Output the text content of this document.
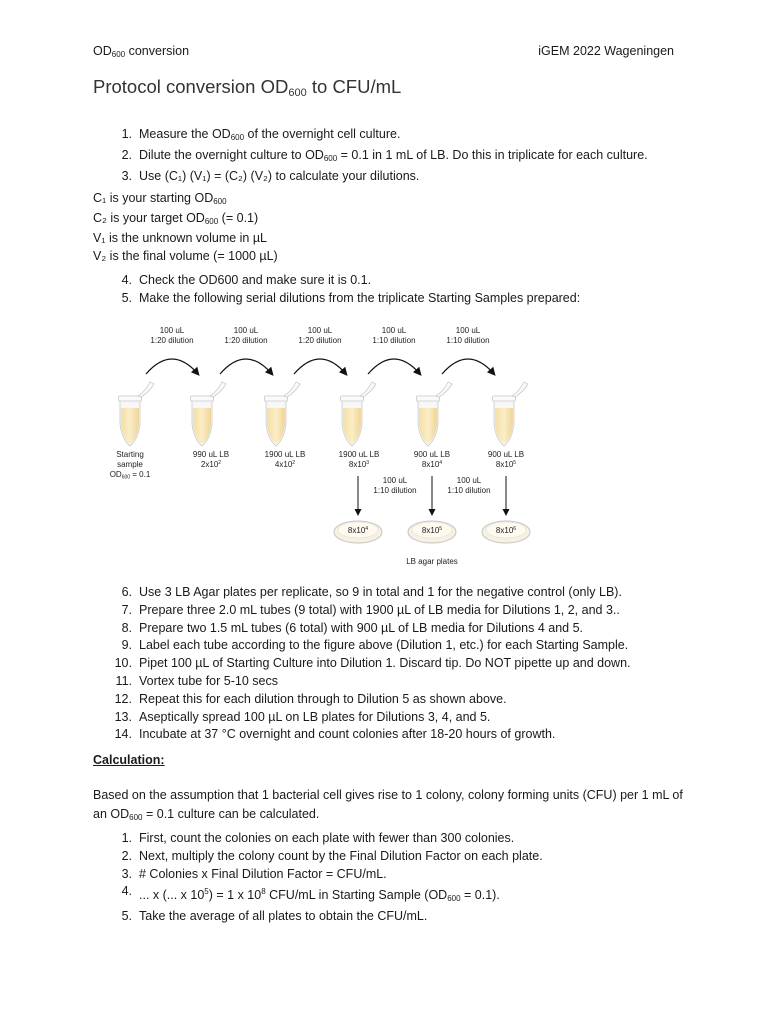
$OD_{600}$ conversion	iGEM 2022 Wageningen
Protocol conversion $OD_{600}$ to CFU/mL
1. Measure the $OD_{600}$ of the overnight cell culture.
2. Dilute the overnight culture to $OD_{600} = 0.1$ in 1 mL of LB. Do this in triplicate for each culture.
3. Use (C₁) (V₁) = (C₂) (V₂) to calculate your dilutions.
C₁ is your starting $OD_{600}$
C₂ is your target $OD_{600}$ (= 0.1)
V₁ is the unknown volume in µL
V₂ is the final volume (= 1000 µL)
4. Check the OD600 and make sure it is 0.1.
5. Make the following serial dilutions from the triplicate Starting Samples prepared:
100 uL
1:20 dilution
100 uL
1:20 dilution
100 uL
1:20 dilution
100 uL
1:10 dilution
100 uL
1:10 dilution
Starting
sample
OD600 = 0.1
990 uL LB
$2x10^2$
1900 uL LB
$4x10^2$
1900 uL LB
$8x10^3$
900 uL LB
$8x10^4$
900 uL LB
$8x10^5$
100 uL
1:10 dilution
100 uL
1:10 dilution
$8x10^4$	$8x10^5$	$8x10^6$
LB agar plates
6. Use 3 LB Agar plates per replicate, so 9 in total and 1 for the negative control (only LB).
7. Prepare three 2.0 mL tubes (9 total) with 1900 µL of LB media for Dilutions 1, 2, and 3..
8. Prepare two 1.5 mL tubes (6 total) with 900 µL of LB media for Dilutions 4 and 5.
9. Label each tube according to the figure above (Dilution 1, etc.) for each Starting Sample.
10. Pipet 100 µL of Starting Culture into Dilution 1. Discard tip. Do NOT pipette up and down.
11. Vortex tube for 5-10 secs
12. Repeat this for each dilution through to Dilution 5 as shown above.
13. Aseptically spread 100 µL on LB plates for Dilutions 3, 4, and 5.
14. Incubate at 37 °C overnight and count colonies after 18-20 hours of growth.
Calculation:
Based on the assumption that 1 bacterial cell gives rise to 1 colony, colony forming units (CFU) per 1 mL of an $OD_{600} = 0.1$ culture can be calculated.
1. First, count the colonies on each plate with fewer than 300 colonies.
2. Next, multiply the colony count by the Final Dilution Factor on each plate.
3. # Colonies x Final Dilution Factor = CFU/mL.
4. ... x (... x $10^5) = 1$ x $10^8$ CFU/mL in Starting Sample $(OD_{600} = 0.1)$.
5. Take the average of all plates to obtain the CFU/mL.
